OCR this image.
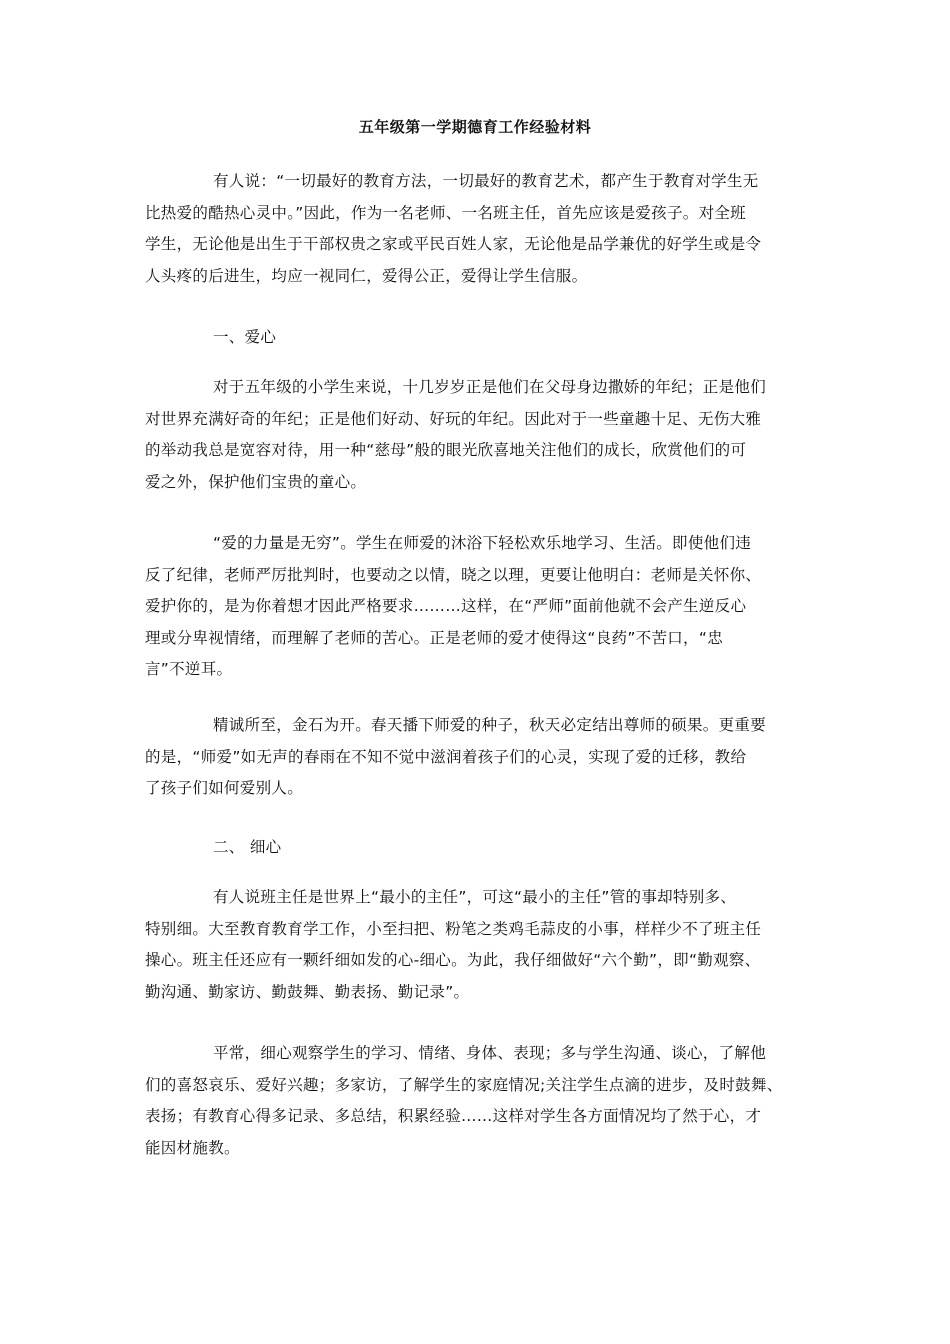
五年级第一学期德育工作经验材料
有人说：“一切最好的教育方法，一切最好的教育艺术，都产生于教育对学生无
比热爱的酷热心灵中。”因此，作为一名老师、一名班主任，首先应该是爱孩子。对全班
学生，无论他是出生于干部权贵之家或平民百姓人家，无论他是品学兼优的好学生或是令
人头疼的后进生，均应一视同仁，爱得公正，爱得让学生信服。
一、爱心
对于五年级的小学生来说，十几岁岁正是他们在父母身边撒娇的年纪；正是他们
对世界充满好奇的年纪；正是他们好动、好玩的年纪。因此对于一些童趣十足、无伤大雅
的举动我总是宽容对待，用一种“慈母”般的眼光欣喜地关注他们的成长，欣赏他们的可
爱之外，保护他们宝贵的童心。
“爱的力量是无穷”。学生在师爱的沐浴下轻松欢乐地学习、生活。即使他们违
反了纪律，老师严厉批判时，也要动之以情，晓之以理，更要让他明白：老师是关怀你、
爱护你的，是为你着想才因此严格要求………这样，在“严师”面前他就不会产生逆反心
理或分卑视情绪，而理解了老师的苦心。正是老师的爱才使得这“良药”不苦口，“忠
言”不逆耳。
精诚所至，金石为开。春天播下师爱的种子，秋天必定结出尊师的硕果。更重要
的是，“师爱”如无声的春雨在不知不觉中滋润着孩子们的心灵，实现了爱的迁移，教给
了孩子们如何爱别人。
二、 细心
有人说班主任是世界上“最小的主任”，可这“最小的主任”管的事却特别多、
特别细。大至教育教育学工作，小至扫把、粉笔之类鸡毛蒜皮的小事，样样少不了班主任
操心。班主任还应有一颗纤细如发的心-细心。为此，我仔细做好“六个勤”，即“勤观察、
勤沟通、勤家访、勤鼓舞、勤表扬、勤记录”。
平常，细心观察学生的学习、情绪、身体、表现；多与学生沟通、谈心，了解他
们的喜怒哀乐、爱好兴趣；多家访，了解学生的家庭情况;关注学生点滴的进步，及时鼓舞、
表扬；有教育心得多记录、多总结，积累经验……这样对学生各方面情况均了然于心，才
能因材施教。
